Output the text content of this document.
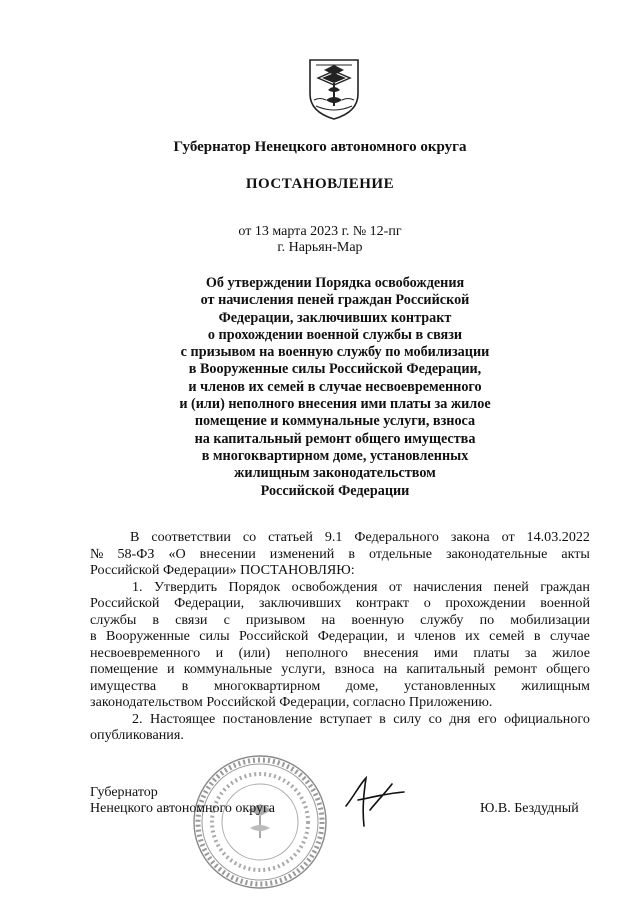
Губернатор Ненецкого автономного округа
ПОСТАНОВЛЕНИЕ
от 13 марта 2023 г. № 12-пг
г. Нарьян-Мар
Об утверждении Порядка освобождения
от начисления пеней граждан Российской
Федерации, заключивших контракт
о прохождении военной службы в связи
с призывом на военную службу по мобилизации
в Вооруженные силы Российской Федерации,
и членов их семей в случае несвоевременного
и (или) неполного внесения ими платы за жилое
помещение и коммунальные услуги, взноса
на капитальный ремонт общего имущества
в многоквартирном доме, установленных
жилищным законодательством
Российской Федерации
В соответствии со статьей 9.1 Федерального закона от 14.03.2022
№ 58-ФЗ «О внесении изменений в отдельные законодательные акты
Российской Федерации» ПОСТАНОВЛЯЮ:
1. Утвердить Порядок освобождения от начисления пеней граждан
Российской Федерации, заключивших контракт о прохождении военной
службы в связи с призывом на военную службу по мобилизации
в Вооруженные силы Российской Федерации, и членов их семей в случае
несвоевременного и (или) неполного внесения ими платы за жилое
помещение и коммунальные услуги, взноса на капитальный ремонт общего
имущества в многоквартирном доме, установленных жилищным
законодательством Российской Федерации, согласно Приложению.
2. Настоящее постановление вступает в силу со дня его официального
опубликования.
Губернатор
Ненецкого автономного округа	Ю.В. Бездудный
